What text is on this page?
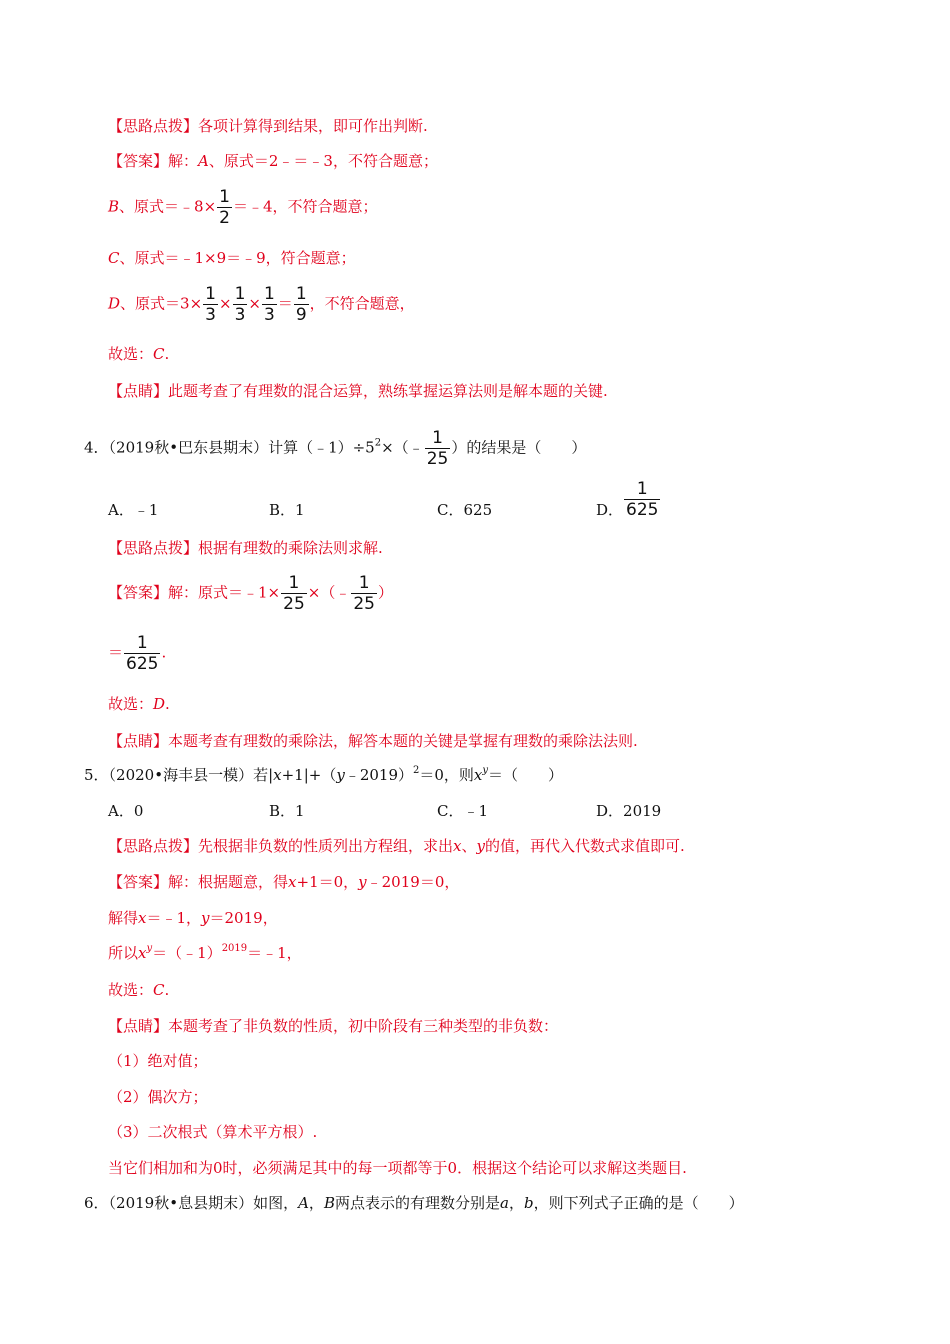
【思路点拨】各项计算得到结果，即可作出判断.
【答案】解：A、原式＝2﹣＝﹣3，不符合题意；
B、原式＝﹣8× $\frac{1}{2}$ ＝﹣4，不符合题意；
C、原式＝﹣1×9＝﹣9，符合题意；
D、原式$=3\times \frac{1}{3} \times \frac{1}{3} \times \frac{1}{3} = \frac{1}{9}$ ，不符合题意，
故选：C.
【点睛】此题考查了有理数的混合运算，熟练掌握运算法则是解本题的关键.
4．（2019秋•巴东县期末）计算$(﹣1)\div 5^2\times(﹣ \frac{1}{25}$ ）的结果是（　　）
A．﹣1	B．1	C．625	D． $\frac{1}{625}$
【思路点拨】根据有理数的乘除法则求解.
【答案】解：原式＝﹣1× $\frac{1}{25}$ ×（﹣ $\frac{1}{25}$ ）
＝ $\frac{1}{625}$ .
故选：D.
【点睛】本题考查有理数的乘除法，解答本题的关键是掌握有理数的乘除法法则.
5．（2020•海丰县一模）若|x+1|+（y﹣2019）$^2$＝0，则$x^y=$（　　）
A．0	B．1	C．﹣1	D．2019
【思路点拨】先根据非负数的性质列出方程组，求出x、y的值，再代入代数式求值即可.
【答案】解：根据题意，得x+1＝0，y﹣2019＝0，
解得x＝﹣1，y＝2019，
所以$x^y=(﹣1)^{2019}=﹣1$，
故选：C.
【点睛】本题考查了非负数的性质，初中阶段有三种类型的非负数：
（1）绝对值；
（2）偶次方；
（3）二次根式（算术平方根）.
当它们相加和为0时，必须满足其中的每一项都等于0．根据这个结论可以求解这类题目.
6．（2019秋•息县期末）如图，A，B两点表示的有理数分别是a，b，则下列式子正确的是（　　）
